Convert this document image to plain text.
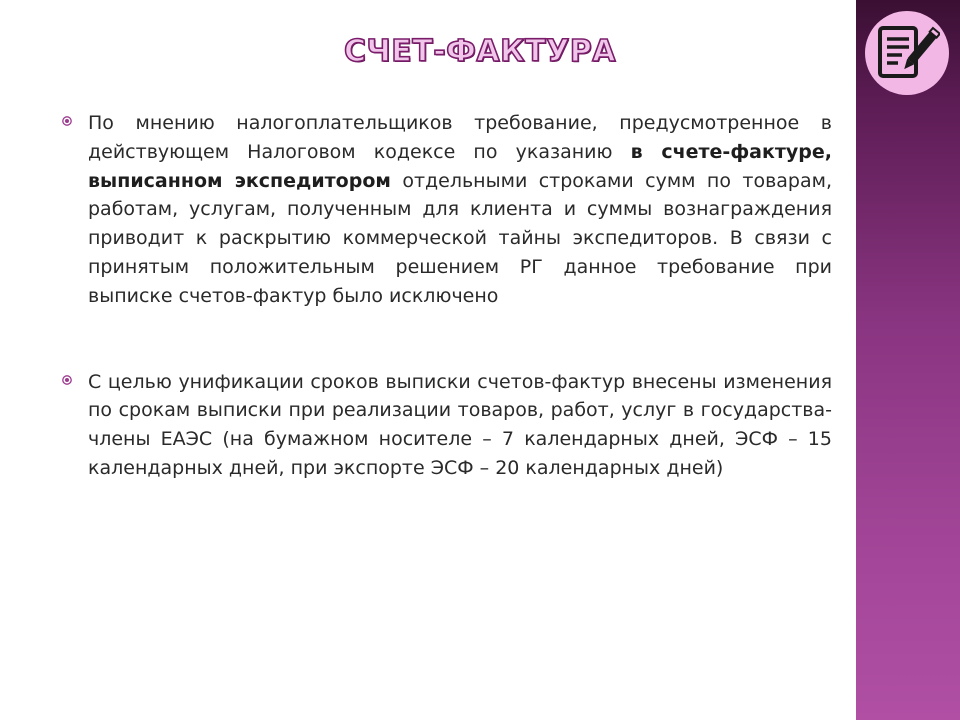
СЧЕТ-ФАКТУРА
По мнению налогоплательщиков требование, предусмотренное в действующем Налоговом кодексе по указанию в счете-фактуре, выписанном экспедитором отдельными строками сумм по товарам, работам, услугам, полученным для клиента и суммы вознаграждения приводит к раскрытию коммерческой тайны экспедиторов. В связи с принятым положительным решением РГ данное требование при выписке счетов-фактур было исключено
С целью унификации сроков выписки счетов-фактур внесены изменения по срокам выписки при реализации товаров, работ, услуг в государства-члены ЕАЭС (на бумажном носителе – 7 календарных дней, ЭСФ – 15 календарных дней, при экспорте ЭСФ – 20 календарных дней)
